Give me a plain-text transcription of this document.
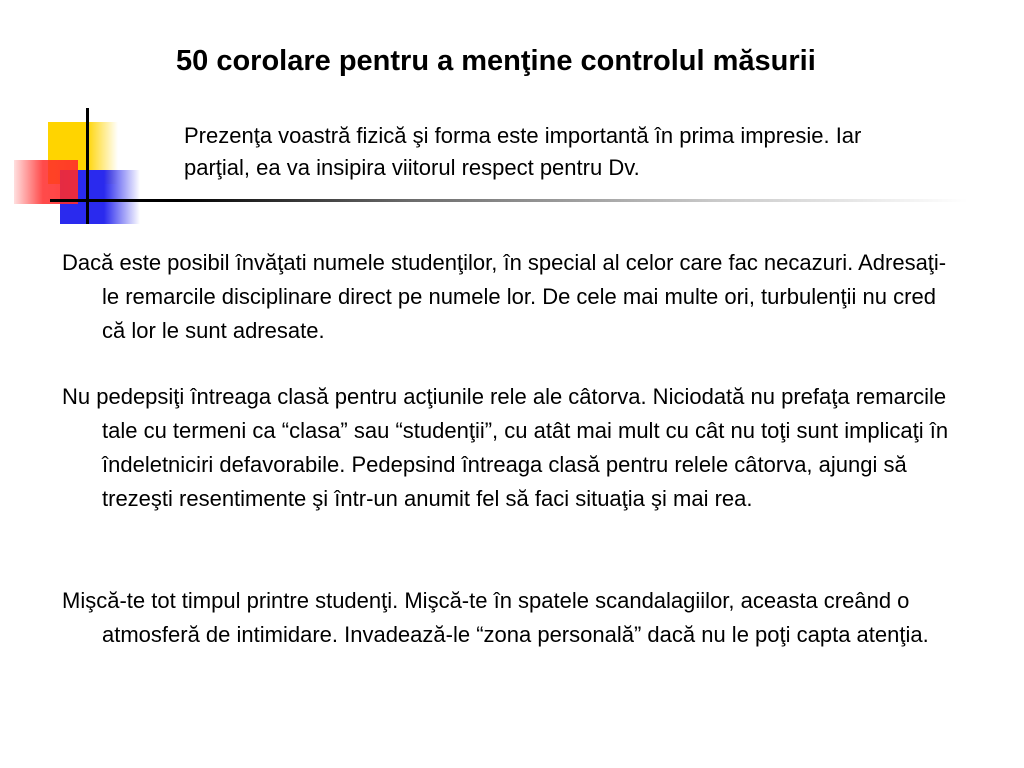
50 corolare pentru a menţine controlul măsurii
Prezenţa voastră fizică şi forma este importantă în prima impresie. Iar parţial, ea va insipira viitorul respect pentru Dv.
Dacă este posibil învăţati numele studenţilor, în special al celor care fac necazuri. Adresaţi-le remarcile disciplinare direct pe numele lor. De cele mai multe ori, turbulenţii nu cred că lor le sunt adresate.
Nu pedepsiţi întreaga clasă pentru acţiunile rele ale câtorva. Niciodată nu prefaţa remarcile tale cu termeni ca “clasa” sau “studenţii”, cu atât mai mult cu cât nu toţi sunt implicaţi în îndeletniciri defavorabile. Pedepsind întreaga clasă pentru relele câtorva, ajungi să trezeşti resentimente şi într-un anumit fel să faci situaţia şi mai rea.
Mişcă-te tot timpul printre studenţi. Mişcă-te în spatele scandalagiilor, aceasta creând o atmosferă de intimidare. Invadează-le “zona personală” dacă nu le poţi capta atenţia.
